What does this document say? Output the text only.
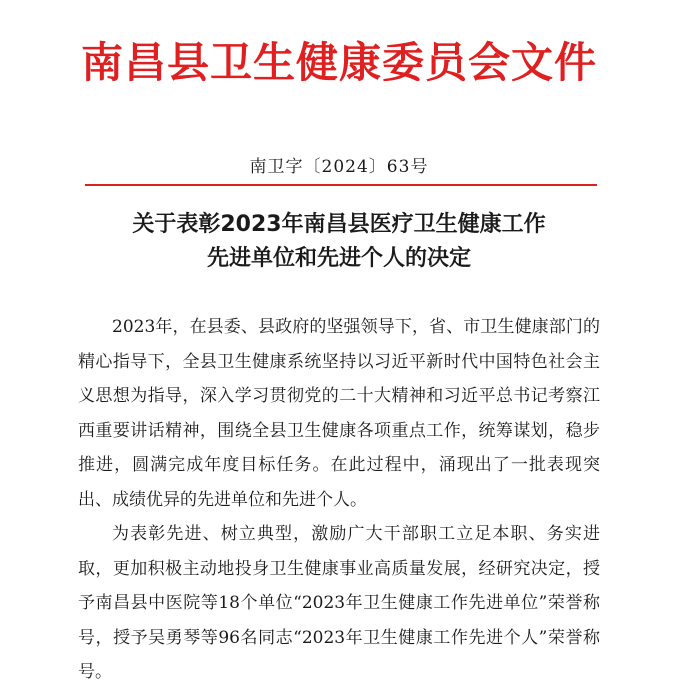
南昌县卫生健康委员会文件
南卫字〔2024〕63号
关于表彰2023年南昌县医疗卫生健康工作
先进单位和先进个人的决定

2023年，在县委、县政府的坚强领导下，省、市卫生健康部门的精心指导下，全县卫生健康系统坚持以习近平新时代中国特色社会主义思想为指导，深入学习贯彻党的二十大精神和习近平总书记考察江西重要讲话精神，围绕全县卫生健康各项重点工作，统筹谋划，稳步推进，圆满完成年度目标任务。在此过程中，涌现出了一批表现突出、成绩优异的先进单位和先进个人。

为表彰先进、树立典型，激励广大干部职工立足本职、务实进取，更加积极主动地投身卫生健康事业高质量发展，经研究决定，授予南昌县中医院等18个单位“2023年卫生健康工作先进单位”荣誉称号，授予吴勇琴等96名同志“2023年卫生健康工作先进个人”荣誉称号。
